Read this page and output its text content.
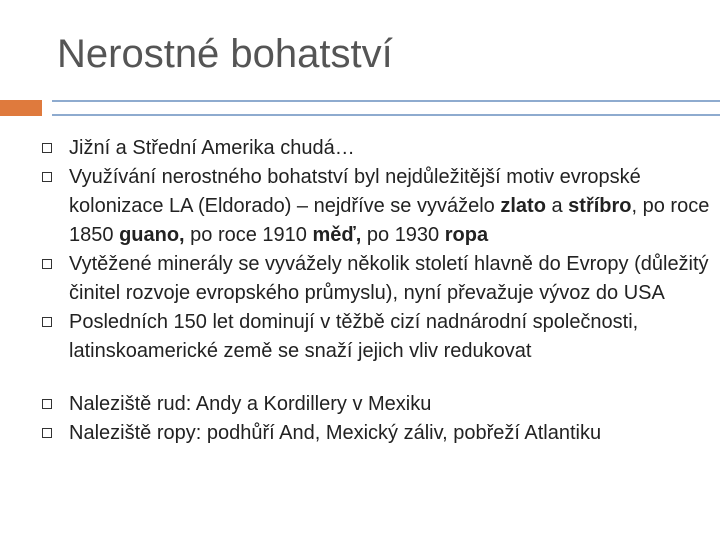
Nerostné bohatství
Jižní a Střední Amerika chudá…
Využívání nerostného bohatství byl nejdůležitější motiv evropské kolonizace LA (Eldorado) – nejdříve se vyváželo zlato a stříbro, po roce 1850 guano, po roce 1910 měď, po 1930 ropa
Vytěžené minerály se vyvážely několik století hlavně do Evropy (důležitý činitel rozvoje evropského průmyslu), nyní převažuje vývoz do USA
Posledních 150 let dominují v těžbě cizí nadnárodní společnosti, latinskoamerické země se snaží jejich vliv redukovat
Naleziště rud: Andy a Kordillery v Mexiku
Naleziště ropy: podhůří And, Mexický záliv, pobřeží Atlantiku
